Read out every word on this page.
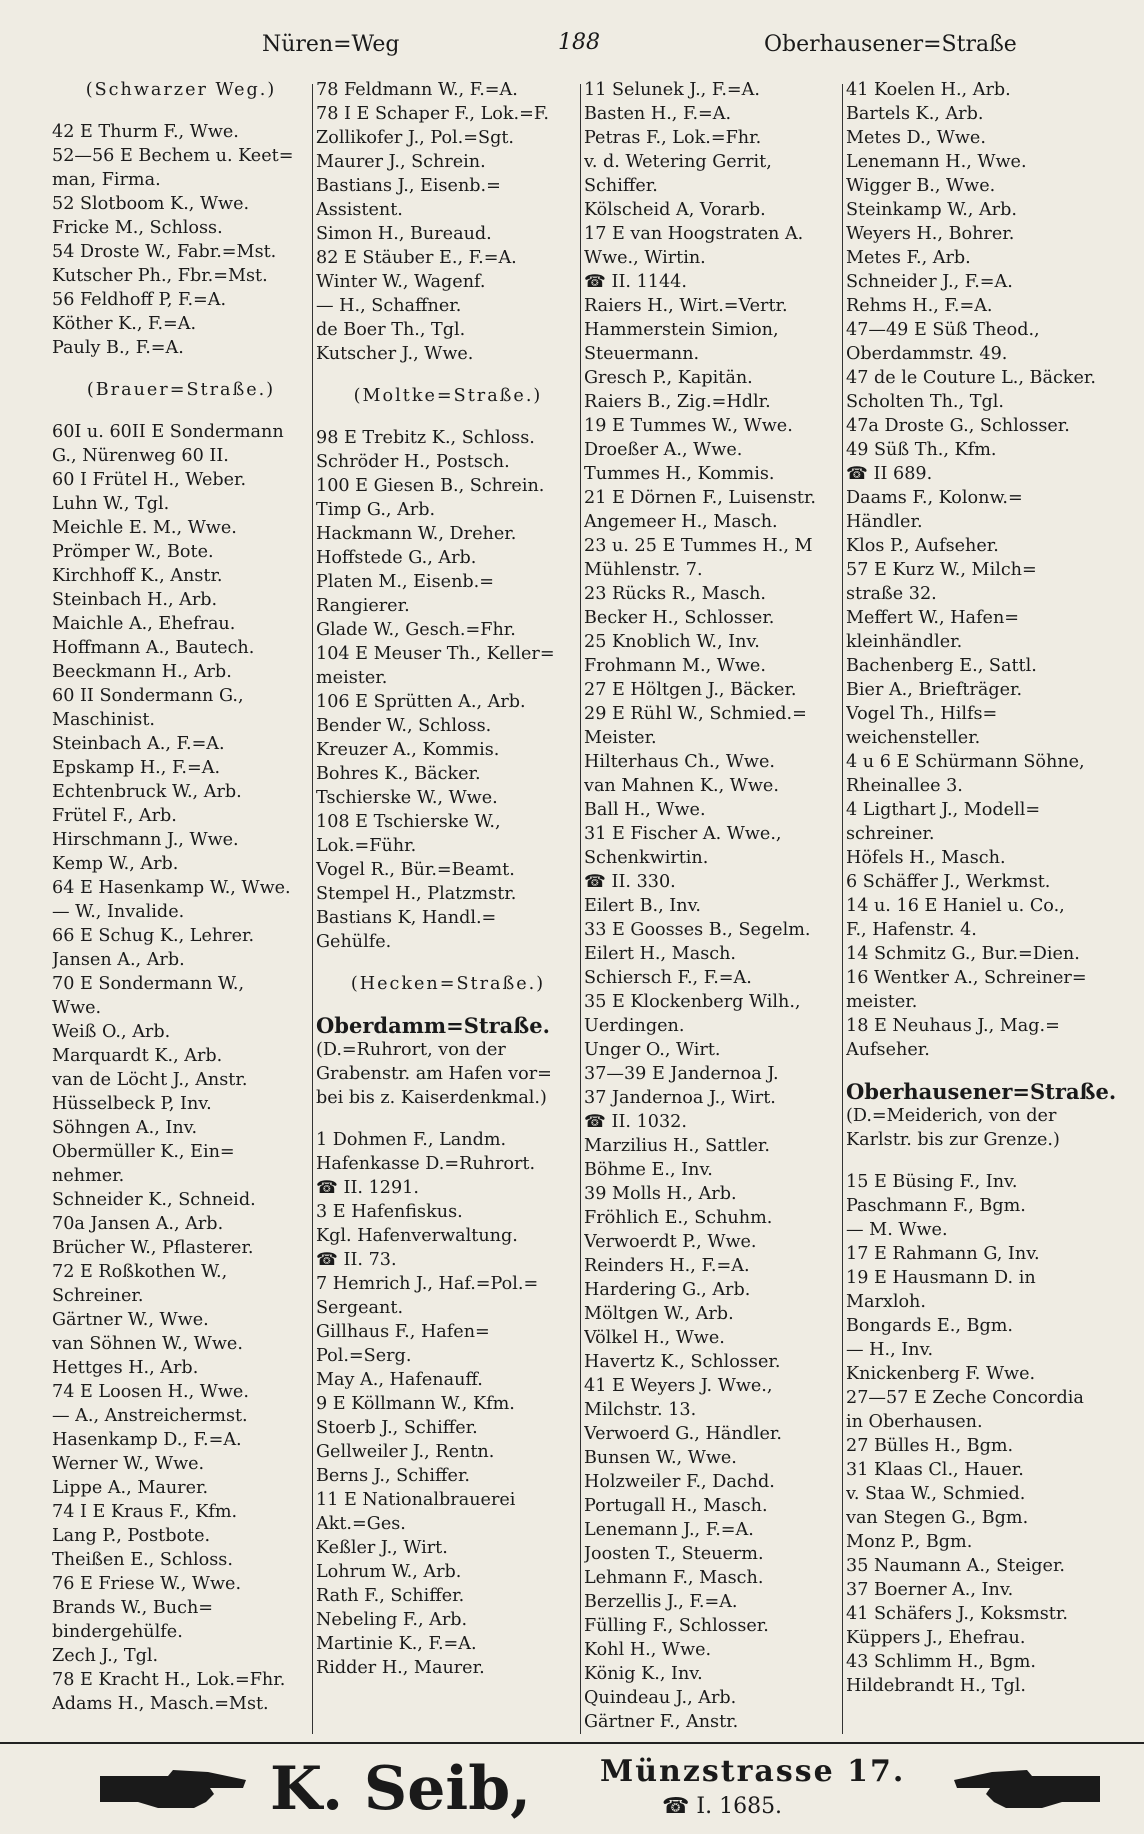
Nüren=Weg	188	Oberhausener=Straße
(Schwarzer Weg.)
42 E Thurm F., Wwe.
52—56 E Bechem u. Keet=
man, Firma.
52 Slotboom K., Wwe.
Fricke M., Schloss.
54 Droste W., Fabr.=Mst.
Kutscher Ph., Fbr.=Mst.
56 Feldhoff P, F.=A.
Köther K., F.=A.
Pauly B., F.=A.
(Brauer=Straße.)
60I u. 60II E Sondermann
G., Nürenweg 60 II.
60 I Frütel H., Weber.
Luhn W., Tgl.
Meichle E. M., Wwe.
Prömper W., Bote.
Kirchhoff K., Anstr.
Steinbach H., Arb.
Maichle A., Ehefrau.
Hoffmann A., Bautech.
Beeckmann H., Arb.
60 II Sondermann G.,
Maschinist.
Steinbach A., F.=A.
Epskamp H., F.=A.
Echtenbruck W., Arb.
Frütel F., Arb.
Hirschmann J., Wwe.
Kemp W., Arb.
64 E Hasenkamp W., Wwe.
— W., Invalide.
66 E Schug K., Lehrer.
Jansen A., Arb.
70 E Sondermann W.,
Wwe.
Weiß O., Arb.
Marquardt K., Arb.
van de Löcht J., Anstr.
Hüsselbeck P, Inv.
Söhngen A., Inv.
Obermüller K., Ein=
nehmer.
Schneider K., Schneid.
70a Jansen A., Arb.
Brücher W., Pflasterer.
72 E Roßkothen W.,
Schreiner.
Gärtner W., Wwe.
van Söhnen W., Wwe.
Hettges H., Arb.
74 E Loosen H., Wwe.
— A., Anstreichermst.
Hasenkamp D., F.=A.
Werner W., Wwe.
Lippe A., Maurer.
74 I E Kraus F., Kfm.
Lang P., Postbote.
Theißen E., Schloss.
76 E Friese W., Wwe.
Brands W., Buch=
bindergehülfe.
Zech J., Tgl.
78 E Kracht H., Lok.=Fhr.
Adams H., Masch.=Mst.
78 Feldmann W., F.=A.
78 I E Schaper F., Lok.=F.
Zollikofer J., Pol.=Sgt.
Maurer J., Schrein.
Bastians J., Eisenb.=
Assistent.
Simon H., Bureaud.
82 E Stäuber E., F.=A.
Winter W., Wagenf.
— H., Schaffner.
de Boer Th., Tgl.
Kutscher J., Wwe.
(Moltke=Straße.)
98 E Trebitz K., Schloss.
Schröder H., Postsch.
100 E Giesen B., Schrein.
Timp G., Arb.
Hackmann W., Dreher.
Hoffstede G., Arb.
Platen M., Eisenb.=
Rangierer.
Glade W., Gesch.=Fhr.
104 E Meuser Th., Keller=
meister.
106 E Sprütten A., Arb.
Bender W., Schloss.
Kreuzer A., Kommis.
Bohres K., Bäcker.
Tschierske W., Wwe.
108 E Tschierske W.,
Lok.=Führ.
Vogel R., Bür.=Beamt.
Stempel H., Platzmstr.
Bastians K, Handl.=
Gehülfe.
(Hecken=Straße.)
Oberdamm=Straße.
(D.=Ruhrort, von der
Grabenstr. am Hafen vor=
bei bis z. Kaiserdenkmal.)
1 Dohmen F., Landm.
Hafenkasse D.=Ruhrort.
☎ II. 1291.
3 E Hafenfiskus.
Kgl. Hafenverwaltung.
☎ II. 73.
7 Hemrich J., Haf.=Pol.=
Sergeant.
Gillhaus F., Hafen=
Pol.=Serg.
May A., Hafenauff.
9 E Köllmann W., Kfm.
Stoerb J., Schiffer.
Gellweiler J., Rentn.
Berns J., Schiffer.
11 E Nationalbrauerei
Akt.=Ges.
Keßler J., Wirt.
Lohrum W., Arb.
Rath F., Schiffer.
Nebeling F., Arb.
Martinie K., F.=A.
Ridder H., Maurer.
11 Selunek J., F.=A.
Basten H., F.=A.
Petras F., Lok.=Fhr.
v. d. Wetering Gerrit,
Schiffer.
Kölscheid A, Vorarb.
17 E van Hoogstraten A.
Wwe., Wirtin.
☎ II. 1144.
Raiers H., Wirt.=Vertr.
Hammerstein Simion,
Steuermann.
Gresch P., Kapitän.
Raiers B., Zig.=Hdlr.
19 E Tummes W., Wwe.
Droeßer A., Wwe.
Tummes H., Kommis.
21 E Dörnen F., Luisenstr.
Angemeer H., Masch.
23 u. 25 E Tummes H., M
Mühlenstr. 7.
23 Rücks R., Masch.
Becker H., Schlosser.
25 Knoblich W., Inv.
Frohmann M., Wwe.
27 E Höltgen J., Bäcker.
29 E Rühl W., Schmied.=
Meister.
Hilterhaus Ch., Wwe.
van Mahnen K., Wwe.
Ball H., Wwe.
31 E Fischer A. Wwe.,
Schenkwirtin.
☎ II. 330.
Eilert B., Inv.
33 E Goosses B., Segelm.
Eilert H., Masch.
Schiersch F., F.=A.
35 E Klockenberg Wilh.,
Uerdingen.
Unger O., Wirt.
37—39 E Jandernoa J.
37 Jandernoa J., Wirt.
☎ II. 1032.
Marzilius H., Sattler.
Böhme E., Inv.
39 Molls H., Arb.
Fröhlich E., Schuhm.
Verwoerdt P., Wwe.
Reinders H., F.=A.
Hardering G., Arb.
Möltgen W., Arb.
Völkel H., Wwe.
Havertz K., Schlosser.
41 E Weyers J. Wwe.,
Milchstr. 13.
Verwoerd G., Händler.
Bunsen W., Wwe.
Holzweiler F., Dachd.
Portugall H., Masch.
Lenemann J., F.=A.
Joosten T., Steuerm.
Lehmann F., Masch.
Berzellis J., F.=A.
Fülling F., Schlosser.
Kohl H., Wwe.
König K., Inv.
Quindeau J., Arb.
Gärtner F., Anstr.
41 Koelen H., Arb.
Bartels K., Arb.
Metes D., Wwe.
Lenemann H., Wwe.
Wigger B., Wwe.
Steinkamp W., Arb.
Weyers H., Bohrer.
Metes F., Arb.
Schneider J., F.=A.
Rehms H., F.=A.
47—49 E Süß Theod.,
Oberdammstr. 49.
47 de le Couture L., Bäcker.
Scholten Th., Tgl.
47a Droste G., Schlosser.
49 Süß Th., Kfm.
☎ II 689.
Daams F., Kolonw.=
Händler.
Klos P., Aufseher.
57 E Kurz W., Milch=
straße 32.
Meffert W., Hafen=
kleinhändler.
Bachenberg E., Sattl.
Bier A., Briefträger.
Vogel Th., Hilfs=
weichensteller.
4 u 6 E Schürmann Söhne,
Rheinallee 3.
4 Ligthart J., Modell=
schreiner.
Höfels H., Masch.
6 Schäffer J., Werkmst.
14 u. 16 E Haniel u. Co.,
F., Hafenstr. 4.
14 Schmitz G., Bur.=Dien.
16 Wentker A., Schreiner=
meister.
18 E Neuhaus J., Mag.=
Aufseher.
Oberhausener=Straße.
(D.=Meiderich, von der
Karlstr. bis zur Grenze.)
15 E Büsing F., Inv.
Paschmann F., Bgm.
— M. Wwe.
17 E Rahmann G, Inv.
19 E Hausmann D. in
Marxloh.
Bongards E., Bgm.
— H., Inv.
Knickenberg F. Wwe.
27—57 E Zeche Concordia
in Oberhausen.
27 Bülles H., Bgm.
31 Klaas Cl., Hauer.
v. Staa W., Schmied.
van Stegen G., Bgm.
Monz P., Bgm.
35 Naumann A., Steiger.
37 Boerner A., Inv.
41 Schäfers J., Koksmstr.
Küppers J., Ehefrau.
43 Schlimm H., Bgm.
Hildebrandt H., Tgl.
K. Seib, Münzstrasse 17.
☎ I. 1685.
